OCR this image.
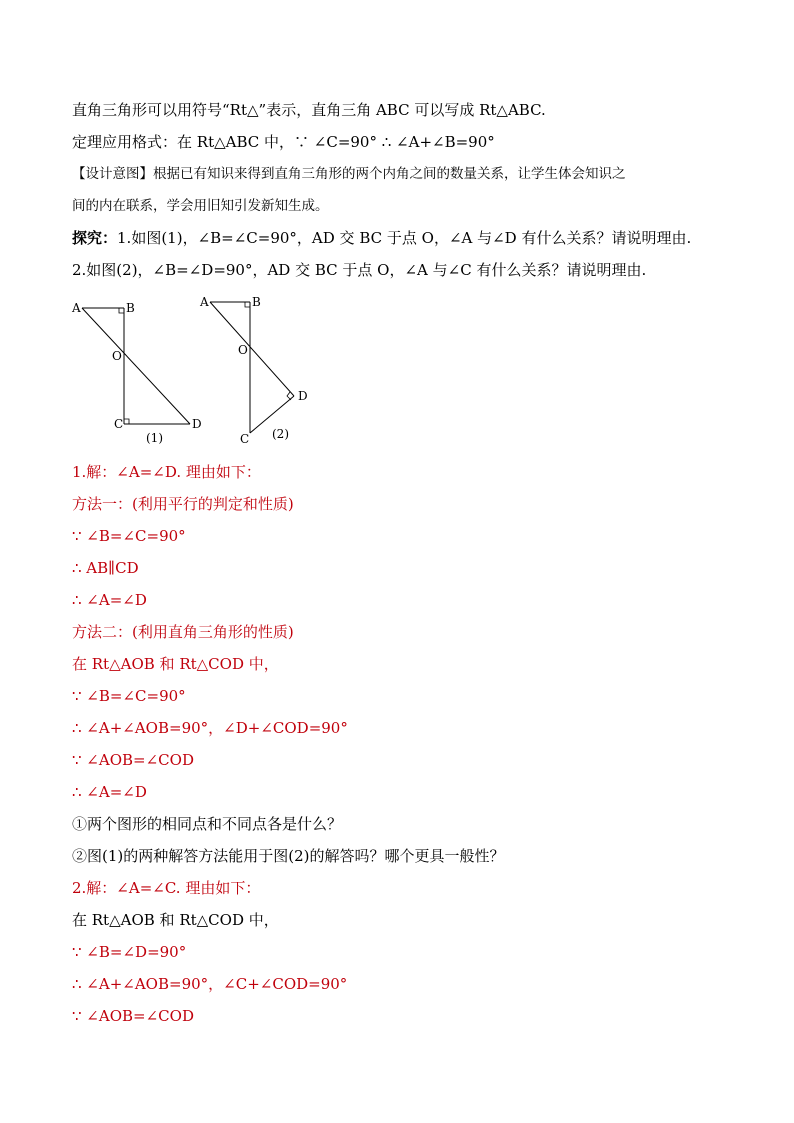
直角三角形可以用符号“Rt△”表示，直角三角 ABC 可以写成 Rt△ABC.
定理应用格式：在 Rt△ABC 中，∵ ∠C=90° ∴ ∠A+∠B=90°
【设计意图】根据已有知识来得到直角三角形的两个内角之间的数量关系，让学生体会知识之
间的内在联系，学会用旧知引发新知生成。
探究：1.如图(1)，∠B=∠C=90°，AD 交 BC 于点 O，∠A 与∠D 有什么关系？请说明理由.
2.如图(2)，∠B=∠D=90°，AD 交 BC 于点 O，∠A 与∠C 有什么关系？请说明理由.
A	B
O
C	D
(1)
A	B
O
C
D
(2)
1.解：∠A=∠D. 理由如下：
方法一：(利用平行的判定和性质)
∵ ∠B=∠C=90°
∴ AB∥CD
∴ ∠A=∠D
方法二：(利用直角三角形的性质)
在 Rt△AOB 和 Rt△COD 中，
∵ ∠B=∠C=90°
∴ ∠A+∠AOB=90°，∠D+∠COD=90°
∵ ∠AOB=∠COD
∴ ∠A=∠D
①两个图形的相同点和不同点各是什么？
②图(1)的两种解答方法能用于图(2)的解答吗？哪个更具一般性？
2.解：∠A=∠C. 理由如下：
在 Rt△AOB 和 Rt△COD 中，
∵ ∠B=∠D=90°
∴ ∠A+∠AOB=90°，∠C+∠COD=90°
∵ ∠AOB=∠COD
